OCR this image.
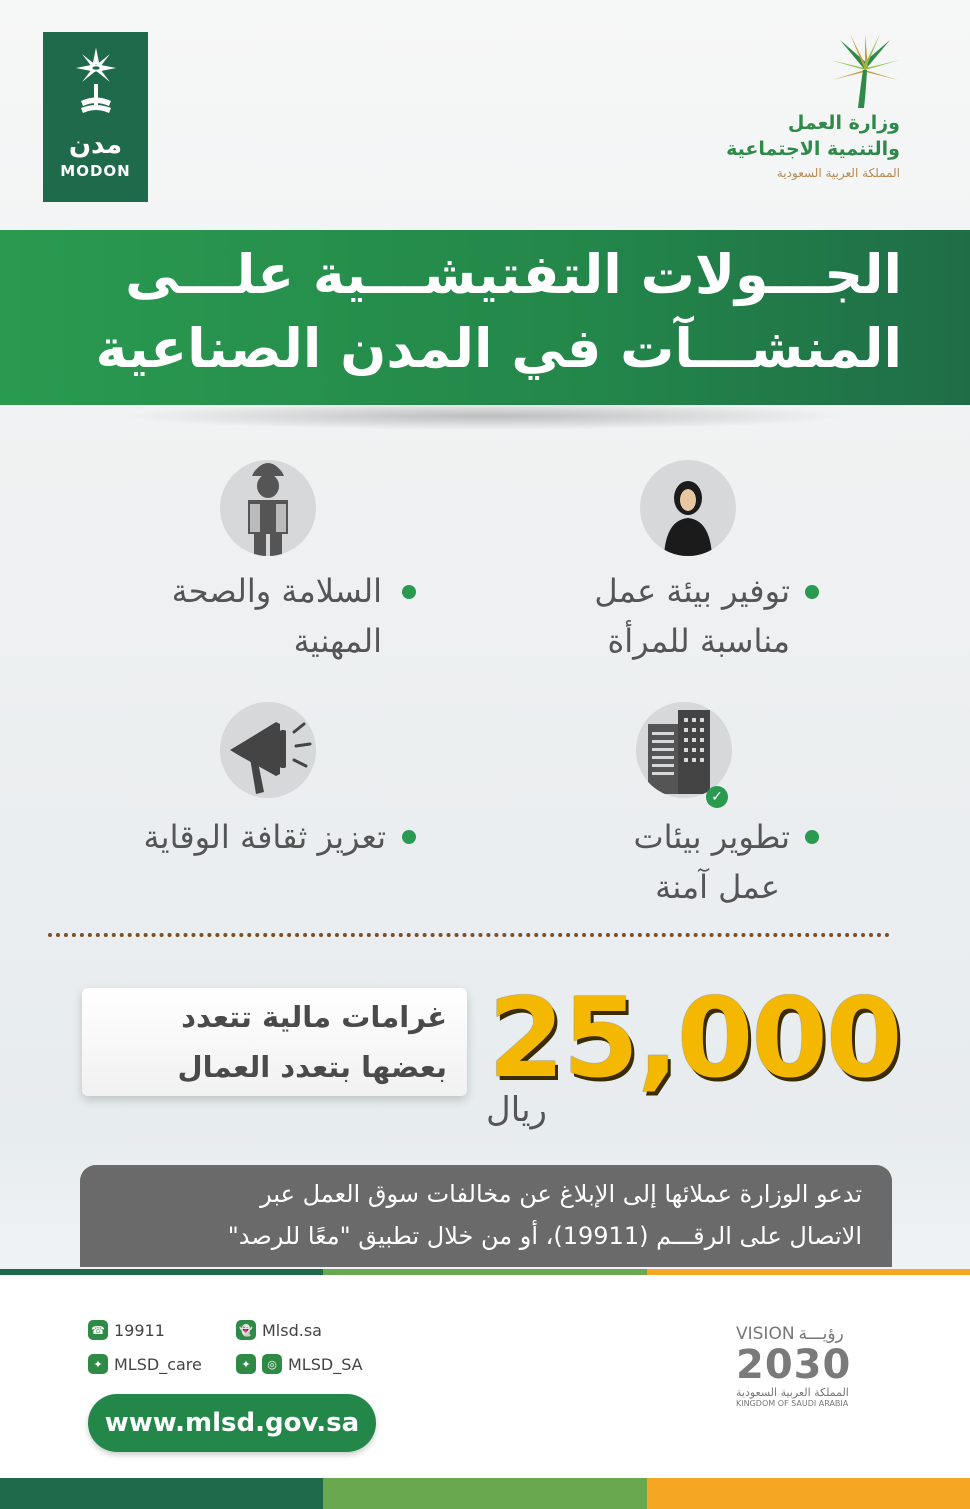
مدن
MODON
وزارة العمل
والتنمية الاجتماعية
المملكة العربية السعودية
الجـــولات التفتيشـــية علـــى
المنشـــآت في المدن الصناعية
توفير بيئة عمل
مناسبة للمرأة
السلامة والصحة
المهنية
✓
تطوير بيئات
عمل آمنة
تعزيز ثقافة الوقاية
غرامات مالية تتعدد
بعضها بتعدد العمال 25,000
ريال
تدعو الوزارة عملائها إلى الإبلاغ عن مخالفات سوق العمل عبر
الاتصال على الرقـــم (19911)، أو من خلال تطبيق "معًا للرصد"
☎ 19911	👻 Mlsd.sa
✦ MLSD_care	✦	◎ MLSD_SA
www.mlsd.gov.sa
VISION رؤيـــة
2030
المملكة العربية السعودية
KINGDOM OF SAUDI ARABIA
